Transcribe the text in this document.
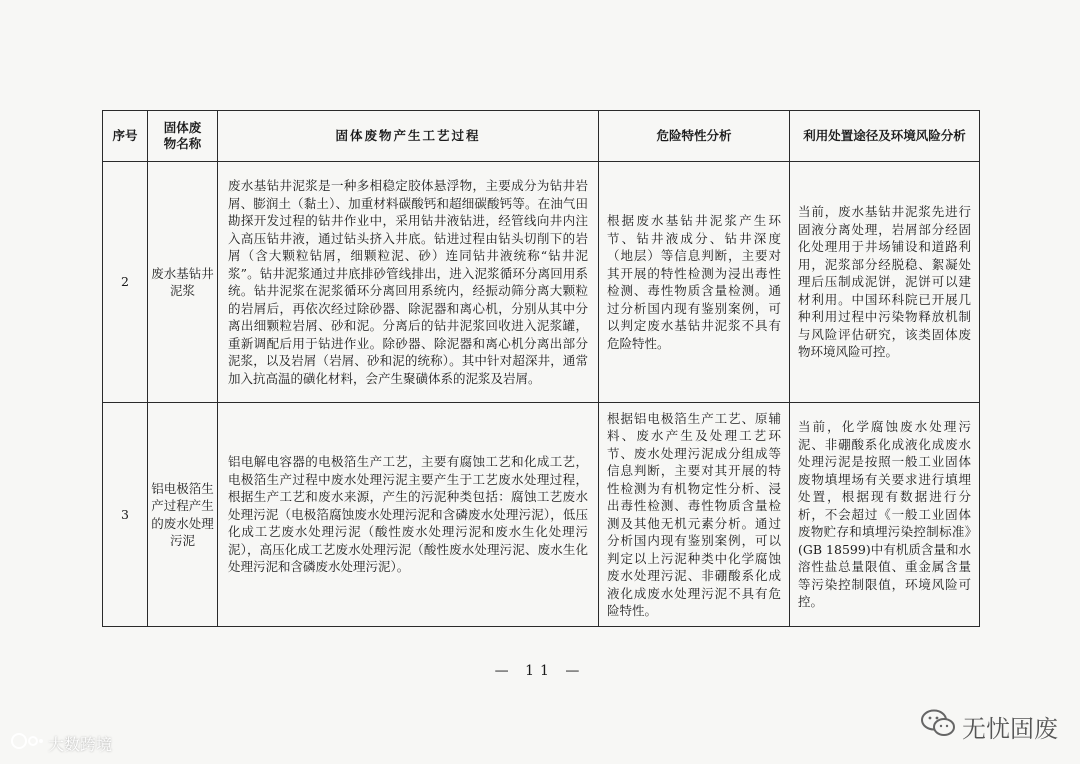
序号	固体废物名称	固体废物产生工艺过程	危险特性分析	利用处置途径及环境风险分析
2	废水基钻井泥浆	废水基钻井泥浆是一种多相稳定胶体悬浮物，主要成分为钻井岩屑、膨润土（黏土）、加重材料碳酸钙和超细碳酸钙等。在油气田勘探开发过程的钻井作业中，采用钻井液钻进，经管线向井内注入高压钻井液，通过钻头挤入井底。钻进过程由钻头切削下的岩屑（含大颗粒钻屑，细颗粒泥、砂）连同钻井液统称“钻井泥浆”。钻井泥浆通过井底排砂管线排出，进入泥浆循环分离回用系统。钻井泥浆在泥浆循环分离回用系统内，经振动筛分离大颗粒的岩屑后，再依次经过除砂器、除泥器和离心机，分别从其中分离出细颗粒岩屑、砂和泥。分离后的钻井泥浆回收进入泥浆罐，重新调配后用于钻进作业。除砂器、除泥器和离心机分离出部分泥浆，以及岩屑（岩屑、砂和泥的统称）。其中针对超深井，通常加入抗高温的磺化材料，会产生聚磺体系的泥浆及岩屑。	根据废水基钻井泥浆产生环节、钻井液成分、钻井深度（地层）等信息判断，主要对其开展的特性检测为浸出毒性检测、毒性物质含量检测。通过分析国内现有鉴别案例，可以判定废水基钻井泥浆不具有危险特性。	当前，废水基钻井泥浆先进行固液分离处理，岩屑部分经固化处理用于井场铺设和道路利用，泥浆部分经脱稳、絮凝处理后压制成泥饼，泥饼可以建材利用。中国环科院已开展几种利用过程中污染物释放机制与风险评估研究，该类固体废物环境风险可控。

3	铝电极箔生产过程产生的废水处理污泥	铝电解电容器的电极箔生产工艺，主要有腐蚀工艺和化成工艺，电极箔生产过程中废水处理污泥主要产生于工艺废水处理过程，根据生产工艺和废水来源，产生的污泥种类包括：腐蚀工艺废水处理污泥（电极箔腐蚀废水处理污泥和含磷废水处理污泥），低压化成工艺废水处理污泥（酸性废水处理污泥和废水生化处理污泥），高压化成工艺废水处理污泥（酸性废水处理污泥、废水生化处理污泥和含磷废水处理污泥）。	根据铝电极箔生产工艺、原辅料、废水产生及处理工艺环节、废水处理污泥成分组成等信息判断，主要对其开展的特性检测为有机物定性分析、浸出毒性检测、毒性物质含量检测及其他无机元素分析。通过分析国内现有鉴别案例，可以判定以上污泥种类中化学腐蚀废水处理污泥、非硼酸系化成液化成废水处理污泥不具有危险特性。	当前，化学腐蚀废水处理污泥、非硼酸系化成液化成废水处理污泥是按照一般工业固体废物填埋场有关要求进行填埋处置，根据现有数据进行分析，不会超过《一般工业固体废物贮存和填埋污染控制标准》(GB 18599)中有机质含量和水溶性盐总量限值、重金属含量等污染控制限值，环境风险可控。
— 11 —
大数跨境
无忧固废
